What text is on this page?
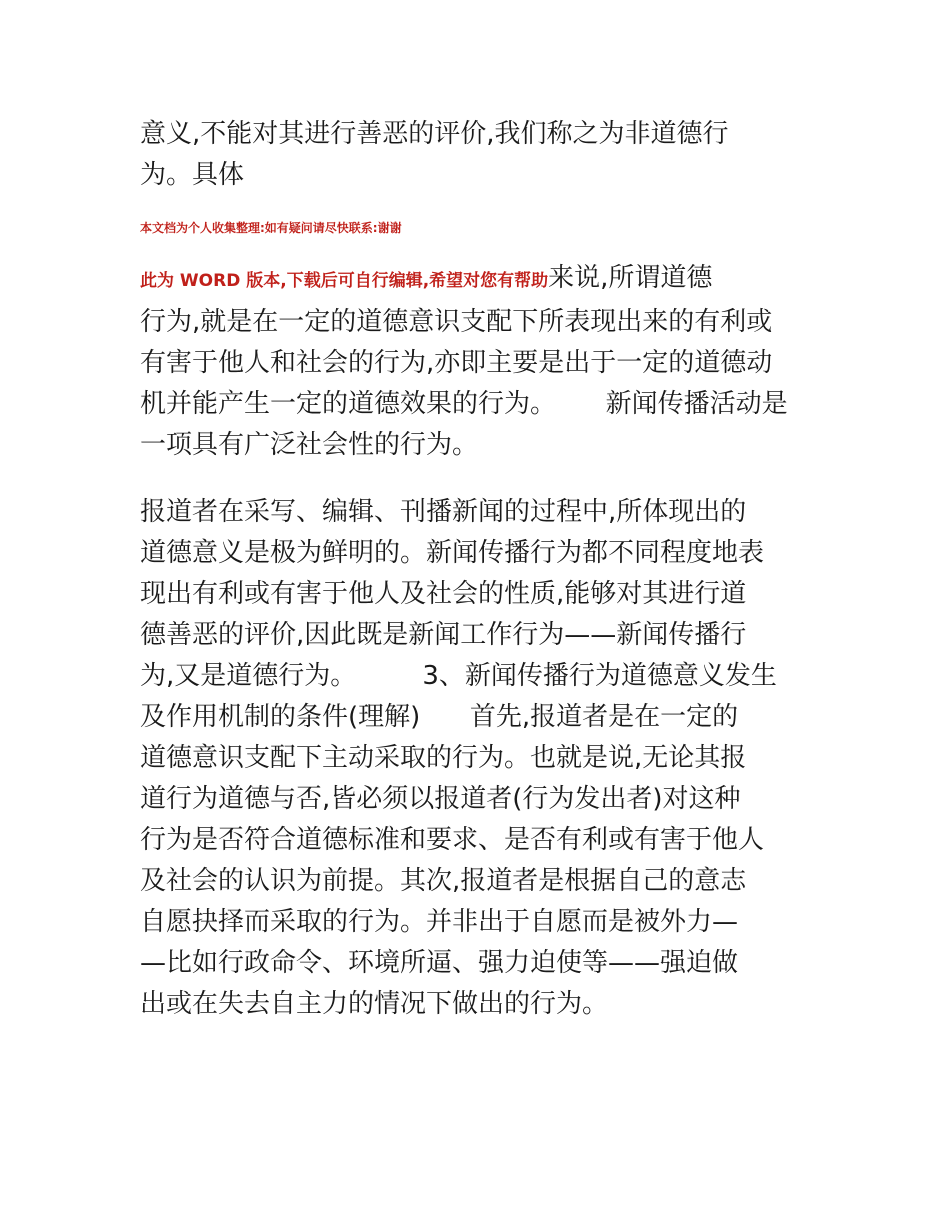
意义,不能对其进行善恶的评价,我们称之为非道德行
为。具体

本文档为个人收集整理:如有疑问请尽快联系:谢谢

此为 WORD 版本,下载后可自行编辑,希望对您有帮助来说,所谓道德
行为,就是在一定的道德意识支配下所表现出来的有利或
有害于他人和社会的行为,亦即主要是出于一定的道德动
机并能产生一定的道德效果的行为。      新闻传播活动是
一项具有广泛社会性的行为。

报道者在采写、编辑、刊播新闻的过程中,所体现出的
道德意义是极为鲜明的。新闻传播行为都不同程度地表
现出有利或有害于他人及社会的性质,能够对其进行道
德善恶的评价,因此既是新闻工作行为——新闻传播行
为,又是道德行为。        3、新闻传播行为道德意义发生
及作用机制的条件(理解)      首先,报道者是在一定的
道德意识支配下主动采取的行为。也就是说,无论其报
道行为道德与否,皆必须以报道者(行为发出者)对这种
行为是否符合道德标准和要求、是否有利或有害于他人
及社会的认识为前提。其次,报道者是根据自己的意志
自愿抉择而采取的行为。并非出于自愿而是被外力—
—比如行政命令、环境所逼、强力迫使等——强迫做
出或在失去自主力的情况下做出的行为。
